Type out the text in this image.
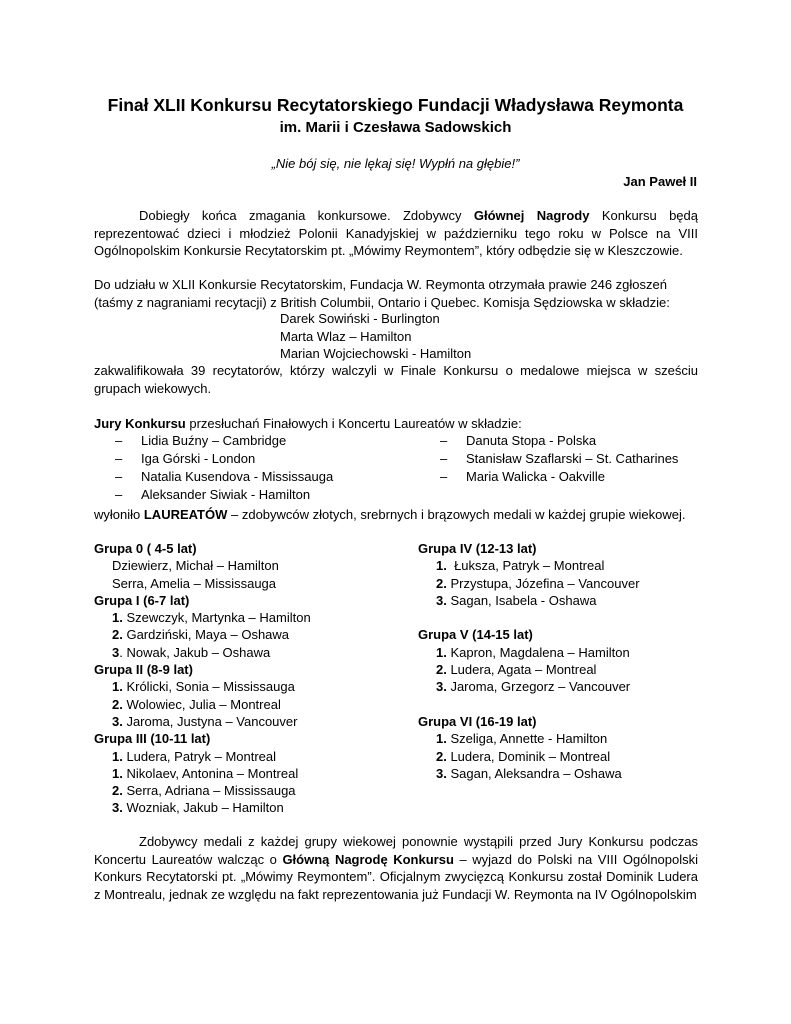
Finał XLII Konkursu Recytatorskiego Fundacji Władysława Reymonta
im. Marii i Czesława Sadowskich
„Nie bój się, nie lękaj się! Wypłń na głębie!”
Jan Paweł II
Dobiegły końca zmagania konkursowe. Zdobywcy Głównej Nagrody Konkursu będą reprezentować dzieci i młodzież Polonii Kanadyjskiej w październiku tego roku w Polsce na VIII Ogólnopolskim Konkursie Recytatorskim pt. „Mówimy Reymontem”, który odbędzie się w Kleszczowie.
Do udziału w XLII Konkursie Recytatorskim, Fundacja W. Reymonta otrzymała prawie 246 zgłoszeń (taśmy z nagraniami recytacji) z British Columbii, Ontario i Quebec. Komisja Sędziowska w składzie:
Darek Sowiński - Burlington
Marta Wlaz – Hamilton
Marian Wojciechowski - Hamilton
zakwalifikowała 39 recytatorów, którzy walczyli w Finale Konkursu o medalowe miejsca w sześciu grupach wiekowych.
Jury Konkursu przesłuchań Finałowych i Koncertu Laureatów w składzie:
–	Lidia Buźny – Cambridge
–	Iga Górski - London
–	Natalia Kusendova - Mississauga
–	Aleksander Siwiak - Hamilton
–	Danuta Stopa - Polska
–	Stanisław Szaflarski – St. Catharines
–	Maria Walicka - Oakville
wyłoniło LAUREATÓW – zdobywców złotych, srebrnych i brązowych medali w każdej grupie wiekowej.
Grupa 0 ( 4-5 lat)
Dziewierz, Michał – Hamilton
Serra, Amelia – Mississauga
Grupa I (6-7 lat)
1. Szewczyk, Martynka – Hamilton
2. Gardziński, Maya – Oshawa
3. Nowak, Jakub – Oshawa
Grupa II (8-9 lat)
1. Królicki, Sonia – Mississauga
2. Wolowiec, Julia – Montreal
3. Jaroma, Justyna – Vancouver
Grupa III (10-11 lat)
1. Ludera, Patryk – Montreal
1. Nikolaev, Antonina – Montreal
2. Serra, Adriana – Mississauga
3. Wozniak, Jakub – Hamilton
Grupa IV (12-13 lat)
1.  Łuksza, Patryk – Montreal
2. Przystupa, Józefina – Vancouver
3. Sagan, Isabela - Oshawa
Grupa V (14-15 lat)
1. Kapron, Magdalena – Hamilton
2. Ludera, Agata – Montreal
3. Jaroma, Grzegorz – Vancouver
Grupa VI (16-19 lat)
1. Szeliga, Annette - Hamilton
2. Ludera, Dominik – Montreal
3. Sagan, Aleksandra – Oshawa
Zdobywcy medali z każdej grupy wiekowej ponownie wystąpili przed Jury Konkursu podczas Koncertu Laureatów walcząc o Główną Nagrodę Konkursu – wyjazd do Polski na VIII Ogólnopolski Konkurs Recytatorski pt. „Mówimy Reymontem”. Oficjalnym zwycięzcą Konkursu został Dominik Ludera z Montrealu, jednak ze względu na fakt reprezentowania już Fundacji W. Reymonta na IV Ogólnopolskim
